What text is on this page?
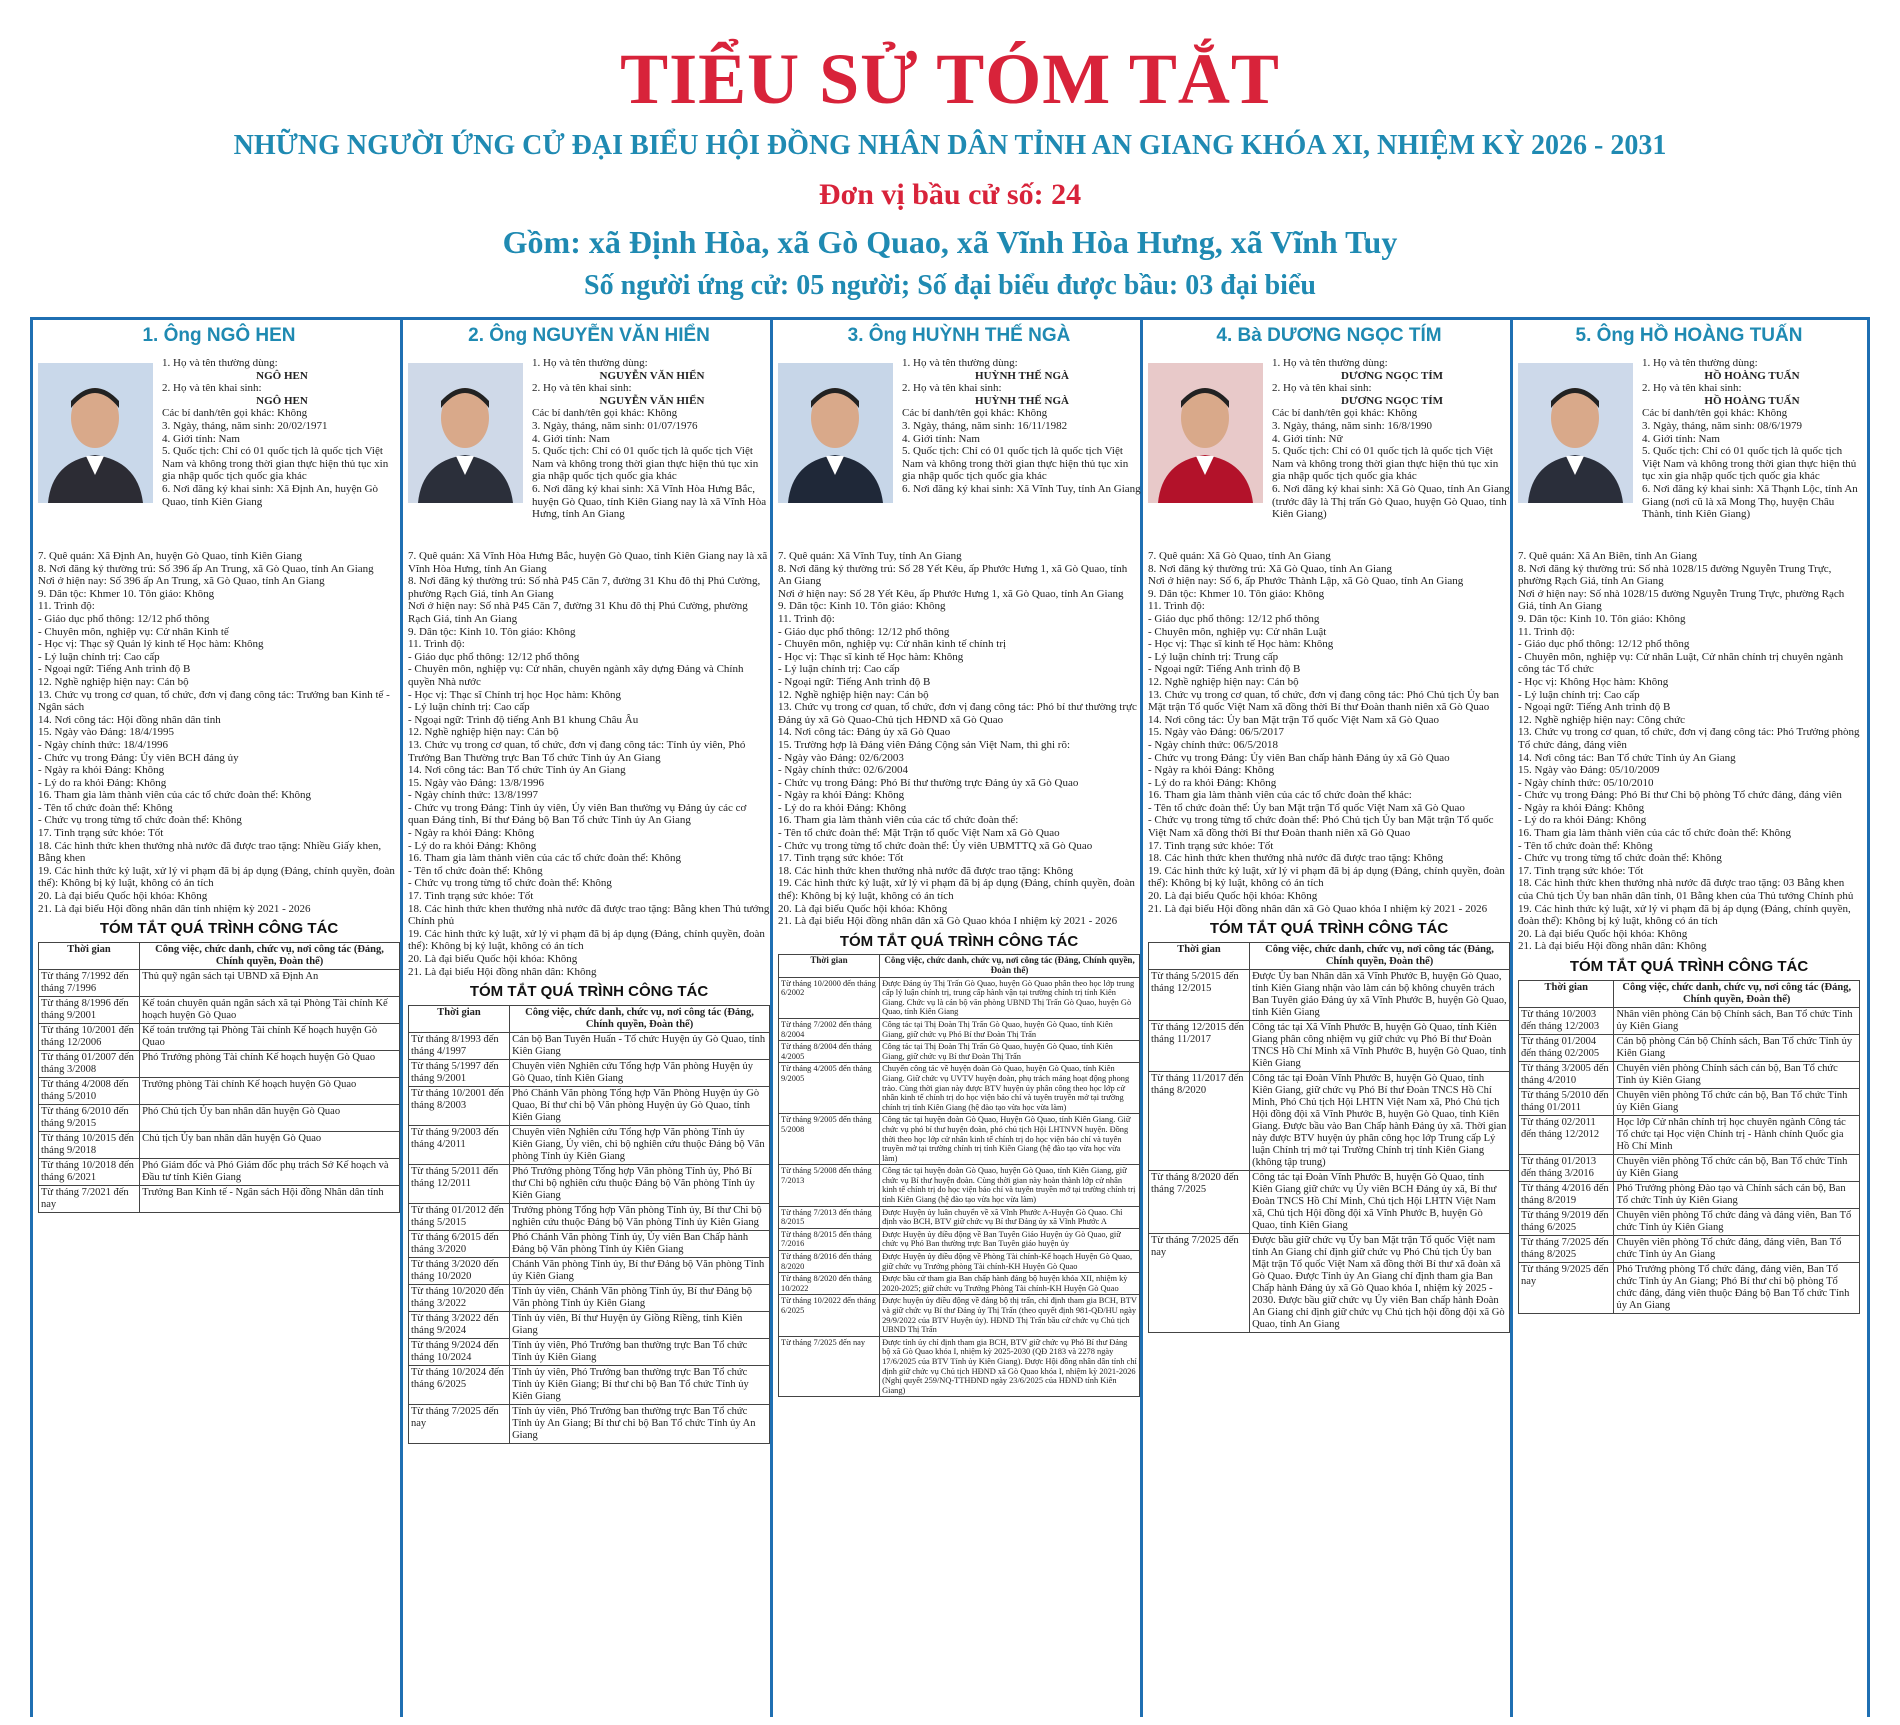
TIỂU SỬ TÓM TẮT
NHỮNG NGƯỜI ỨNG CỬ ĐẠI BIỂU HỘI ĐỒNG NHÂN DÂN TỈNH AN GIANG KHÓA XI, NHIỆM KỲ 2026 - 2031
Đơn vị bầu cử số: 24
Gồm: xã Định Hòa, xã Gò Quao, xã Vĩnh Hòa Hưng, xã Vĩnh Tuy
Số người ứng cử: 05 người; Số đại biểu được bầu: 03 đại biểu
1. Ông NGÔ HEN
1. Họ và tên thường dùng:
NGÔ HEN
2. Họ và tên khai sinh:
NGÔ HEN
Các bí danh/tên gọi khác: Không
3. Ngày, tháng, năm sinh: 20/02/1971
4. Giới tính: Nam
5. Quốc tịch: Chỉ có 01 quốc tịch là quốc tịch Việt Nam và không trong thời gian thực hiện thủ tục xin gia nhập quốc tịch quốc gia khác
6. Nơi đăng ký khai sinh: Xã Định An, huyện Gò Quao, tỉnh Kiên Giang
7. Quê quán: Xã Định An, huyện Gò Quao, tỉnh Kiên Giang
8. Nơi đăng ký thường trú: Số 396 ấp An Trung, xã Gò Quao, tỉnh An Giang
Nơi ở hiện nay: Số 396 ấp An Trung, xã Gò Quao, tỉnh An Giang
9. Dân tộc: Khmer 10. Tôn giáo: Không
11. Trình độ:
- Giáo dục phổ thông: 12/12 phổ thông
- Chuyên môn, nghiệp vụ: Cử nhân Kinh tế
- Học vị: Thạc sỹ Quản lý kinh tế Học hàm: Không
- Lý luận chính trị: Cao cấp
- Ngoại ngữ: Tiếng Anh trình độ B
12. Nghề nghiệp hiện nay: Cán bộ
13. Chức vụ trong cơ quan, tổ chức, đơn vị đang công tác: Trưởng ban Kinh tế - Ngân sách
14. Nơi công tác: Hội đồng nhân dân tỉnh
15. Ngày vào Đảng: 18/4/1995
- Ngày chính thức: 18/4/1996
- Chức vụ trong Đảng: Ủy viên BCH đảng ủy
- Ngày ra khỏi Đảng: Không
- Lý do ra khỏi Đảng: Không
16. Tham gia làm thành viên của các tổ chức đoàn thể: Không
- Tên tổ chức đoàn thể: Không
- Chức vụ trong từng tổ chức đoàn thể: Không
17. Tình trạng sức khỏe: Tốt
18. Các hình thức khen thưởng nhà nước đã được trao tặng: Nhiều Giấy khen, Bằng khen
19. Các hình thức kỷ luật, xử lý vi phạm đã bị áp dụng (Đảng, chính quyền, đoàn thể): Không bị kỷ luật, không có án tích
20. Là đại biểu Quốc hội khóa: Không
21. Là đại biểu Hội đồng nhân dân tỉnh nhiệm kỳ 2021 - 2026
TÓM TẮT QUÁ TRÌNH CÔNG TÁC
Thời gian	Công việc, chức danh, chức vụ, nơi công tác (Đảng, Chính quyền, Đoàn thể)
Từ tháng 7/1992 đến tháng 7/1996	Thủ quỹ ngân sách tại UBND xã Định An
Từ tháng 8/1996 đến tháng 9/2001	Kế toán chuyên quản ngân sách xã tại Phòng Tài chính Kế hoạch huyện Gò Quao
Từ tháng 10/2001 đến tháng 12/2006	Kế toán trưởng tại Phòng Tài chính Kế hoạch huyện Gò Quao
Từ tháng 01/2007 đến tháng 3/2008	Phó Trưởng phòng Tài chính Kế hoạch huyện Gò Quao
Từ tháng 4/2008 đến tháng 5/2010	Trưởng phòng Tài chính Kế hoạch huyện Gò Quao
Từ tháng 6/2010 đến tháng 9/2015	Phó Chủ tịch Ủy ban nhân dân huyện Gò Quao
Từ tháng 10/2015 đến tháng 9/2018	Chủ tịch Ủy ban nhân dân huyện Gò Quao
Từ tháng 10/2018 đến tháng 6/2021	Phó Giám đốc và Phó Giám đốc phụ trách Sở Kế hoạch và Đầu tư tỉnh Kiên Giang
Từ tháng 7/2021 đến nay	Trưởng Ban Kinh tế - Ngân sách Hội đồng Nhân dân tỉnh
2. Ông NGUYỄN VĂN HIỂN
1. Họ và tên thường dùng:
NGUYỄN VĂN HIỂN
2. Họ và tên khai sinh:
NGUYỄN VĂN HIỂN
Các bí danh/tên gọi khác: Không
3. Ngày, tháng, năm sinh: 01/07/1976
4. Giới tính: Nam
5. Quốc tịch: Chỉ có 01 quốc tịch là quốc tịch Việt Nam và không trong thời gian thực hiện thủ tục xin gia nhập quốc tịch quốc gia khác
6. Nơi đăng ký khai sinh: Xã Vĩnh Hòa Hưng Bắc, huyện Gò Quao, tỉnh Kiên Giang nay là xã Vĩnh Hòa Hưng, tỉnh An Giang
7. Quê quán: Xã Vĩnh Hòa Hưng Bắc, huyện Gò Quao, tỉnh Kiên Giang nay là xã Vĩnh Hòa Hưng, tỉnh An Giang
8. Nơi đăng ký thường trú: Số nhà P45 Căn 7, đường 31 Khu đô thị Phú Cường, phường Rạch Giá, tỉnh An Giang
Nơi ở hiện nay: Số nhà P45 Căn 7, đường 31 Khu đô thị Phú Cường, phường Rạch Giá, tỉnh An Giang
9. Dân tộc: Kinh 10. Tôn giáo: Không
11. Trình độ:
- Giáo dục phổ thông: 12/12 phổ thông
- Chuyên môn, nghiệp vụ: Cử nhân, chuyên ngành xây dựng Đảng và Chính quyền Nhà nước
- Học vị: Thạc sĩ Chính trị học Học hàm: Không
- Lý luận chính trị: Cao cấp
- Ngoại ngữ: Trình độ tiếng Anh B1 khung Châu Âu
12. Nghề nghiệp hiện nay: Cán bộ
13. Chức vụ trong cơ quan, tổ chức, đơn vị đang công tác: Tỉnh ủy viên, Phó Trưởng Ban Thường trực Ban Tổ chức Tỉnh ủy An Giang
14. Nơi công tác: Ban Tổ chức Tỉnh ủy An Giang
15. Ngày vào Đảng: 13/8/1996
- Ngày chính thức: 13/8/1997
- Chức vụ trong Đảng: Tỉnh ủy viên, Ủy viên Ban thường vụ Đảng ủy các cơ quan Đảng tỉnh, Bí thư Đảng bộ Ban Tổ chức Tỉnh ủy An Giang
- Ngày ra khỏi Đảng: Không
- Lý do ra khỏi Đảng: Không
16. Tham gia làm thành viên của các tổ chức đoàn thể: Không
- Tên tổ chức đoàn thể: Không
- Chức vụ trong từng tổ chức đoàn thể: Không
17. Tình trạng sức khỏe: Tốt
18. Các hình thức khen thưởng nhà nước đã được trao tặng: Bằng khen Thủ tướng Chính phủ
19. Các hình thức kỷ luật, xử lý vi phạm đã bị áp dụng (Đảng, chính quyền, đoàn thể): Không bị kỷ luật, không có án tích
20. Là đại biểu Quốc hội khóa: Không
21. Là đại biểu Hội đồng nhân dân: Không
TÓM TẮT QUÁ TRÌNH CÔNG TÁC
Thời gian	Công việc, chức danh, chức vụ, nơi công tác (Đảng, Chính quyền, Đoàn thể)
Từ tháng 8/1993 đến tháng 4/1997	Cán bộ Ban Tuyên Huấn - Tổ chức Huyện ủy Gò Quao, tỉnh Kiên Giang
Từ tháng 5/1997 đến tháng 9/2001	Chuyên viên Nghiên cứu Tổng hợp Văn phòng Huyện ủy Gò Quao, tỉnh Kiên Giang
Từ tháng 10/2001 đến tháng 8/2003	Phó Chánh Văn phòng Tổng hợp Văn Phòng Huyện ủy Gò Quao, Bí thư chi bộ Văn phòng Huyện ủy Gò Quao, tỉnh Kiên Giang
Từ tháng 9/2003 đến tháng 4/2011	Chuyên viên Nghiên cứu Tổng hợp Văn phòng Tỉnh ủy Kiên Giang, Ủy viên, chi bộ nghiên cứu thuộc Đảng bộ Văn phòng Tỉnh ủy Kiên Giang
Từ tháng 5/2011 đến tháng 12/2011	Phó Trưởng phòng Tổng hợp Văn phòng Tỉnh ủy, Phó Bí thư Chi bộ nghiên cứu thuộc Đảng bộ Văn phòng Tỉnh ủy Kiên Giang
Từ tháng 01/2012 đến tháng 5/2015	Trưởng phòng Tổng hợp Văn phòng Tỉnh ủy, Bí thư Chi bộ nghiên cứu thuộc Đảng bộ Văn phòng Tỉnh ủy Kiên Giang
Từ tháng 6/2015 đến tháng 3/2020	Phó Chánh Văn phòng Tỉnh ủy, Ủy viên Ban Chấp hành Đảng bộ Văn phòng Tỉnh ủy Kiên Giang
Từ tháng 3/2020 đến tháng 10/2020	Chánh Văn phòng Tỉnh ủy, Bí thư Đảng bộ Văn phòng Tỉnh ủy Kiên Giang
Từ tháng 10/2020 đến tháng 3/2022	Tỉnh ủy viên, Chánh Văn phòng Tỉnh ủy, Bí thư Đảng bộ Văn phòng Tỉnh ủy Kiên Giang
Từ tháng 3/2022 đến tháng 9/2024	Tỉnh ủy viên, Bí thư Huyện ủy Giồng Riềng, tỉnh Kiên Giang
Từ tháng 9/2024 đến tháng 10/2024	Tỉnh ủy viên, Phó Trưởng ban thường trực Ban Tổ chức Tỉnh ủy Kiên Giang
Từ tháng 10/2024 đến tháng 6/2025	Tỉnh ủy viên, Phó Trưởng ban thường trực Ban Tổ chức Tỉnh ủy Kiên Giang; Bí thư chi bộ Ban Tổ chức Tỉnh ủy Kiên Giang
Từ tháng 7/2025 đến nay	Tỉnh ủy viên, Phó Trưởng ban thường trực Ban Tổ chức Tỉnh ủy An Giang; Bí thư chi bộ Ban Tổ chức Tỉnh ủy An Giang
3. Ông HUỲNH THẾ NGÀ
1. Họ và tên thường dùng:
HUỲNH THẾ NGÀ
2. Họ và tên khai sinh:
HUỲNH THẾ NGÀ
Các bí danh/tên gọi khác: Không
3. Ngày, tháng, năm sinh: 16/11/1982
4. Giới tính: Nam
5. Quốc tịch: Chỉ có 01 quốc tịch là quốc tịch Việt Nam và không trong thời gian thực hiện thủ tục xin gia nhập quốc tịch quốc gia khác
6. Nơi đăng ký khai sinh: Xã Vĩnh Tuy, tỉnh An Giang
7. Quê quán: Xã Vĩnh Tuy, tỉnh An Giang
8. Nơi đăng ký thường trú: Số 28 Yết Kêu, ấp Phước Hưng 1, xã Gò Quao, tỉnh An Giang
Nơi ở hiện nay: Số 28 Yết Kêu, ấp Phước Hưng 1, xã Gò Quao, tỉnh An Giang
9. Dân tộc: Kinh 10. Tôn giáo: Không
11. Trình độ:
- Giáo dục phổ thông: 12/12 phổ thông
- Chuyên môn, nghiệp vụ: Cử nhân kinh tế chính trị
- Học vị: Thạc sĩ kinh tế Học hàm: Không
- Lý luận chính trị: Cao cấp
- Ngoại ngữ: Tiếng Anh trình độ B
12. Nghề nghiệp hiện nay: Cán bộ
13. Chức vụ trong cơ quan, tổ chức, đơn vị đang công tác: Phó bí thư thường trực Đảng ủy xã Gò Quao-Chủ tịch HĐND xã Gò Quao
14. Nơi công tác: Đảng ủy xã Gò Quao
15. Trường hợp là Đảng viên Đảng Cộng sản Việt Nam, thì ghi rõ:
- Ngày vào Đảng: 02/6/2003
- Ngày chính thức: 02/6/2004
- Chức vụ trong Đảng: Phó Bí thư thường trực Đảng ủy xã Gò Quao
- Ngày ra khỏi Đảng: Không
- Lý do ra khỏi Đảng: Không
16. Tham gia làm thành viên của các tổ chức đoàn thể:
- Tên tổ chức đoàn thể: Mặt Trận tổ quốc Việt Nam xã Gò Quao
- Chức vụ trong từng tổ chức đoàn thể: Ủy viên UBMTTQ xã Gò Quao
17. Tình trạng sức khỏe: Tốt
18. Các hình thức khen thưởng nhà nước đã được trao tặng: Không
19. Các hình thức kỷ luật, xử lý vi phạm đã bị áp dụng (Đảng, chính quyền, đoàn thể): Không bị kỷ luật, không có án tích
20. Là đại biểu Quốc hội khóa: Không
21. Là đại biểu Hội đồng nhân dân xã Gò Quao khóa I nhiệm kỳ 2021 - 2026
TÓM TẮT QUÁ TRÌNH CÔNG TÁC
Thời gian	Công việc, chức danh, chức vụ, nơi công tác (Đảng, Chính quyền, Đoàn thể)
Từ tháng 10/2000 đến tháng 6/2002	Được Đảng ủy Thị Trấn Gò Quao, huyện Gò Quao phân theo học lớp trung cấp lý luận chính trị, trung cấp hành vận tại trường chính trị tỉnh Kiên Giang. Chức vụ là cán bộ văn phòng UBND Thị Trấn Gò Quao, huyện Gò Quao, tỉnh Kiên Giang
Từ tháng 7/2002 đến tháng 8/2004	Công tác tại Thị Đoàn Thị Trấn Gò Quao, huyện Gò Quao, tỉnh Kiên Giang, giữ chức vụ Phó Bí thư Đoàn Thị Trấn
Từ tháng 8/2004 đến tháng 4/2005	Công tác tại Thị Đoàn Thị Trấn Gò Quao, huyện Gò Quao, tỉnh Kiên Giang, giữ chức vụ Bí thư Đoàn Thị Trấn
Từ tháng 4/2005 đến tháng 9/2005	Chuyển công tác về huyện đoàn Gò Quao, huyện Gò Quao, tỉnh Kiên Giang. Giữ chức vụ UVTV huyện đoàn, phụ trách mảng hoạt động phong trào. Cùng thời gian này được BTV huyện ủy phân công theo học lớp cử nhân kinh tế chính trị do học viện báo chí và tuyên truyền mở tại trường chính trị tỉnh Kiên Giang (hệ đào tạo vừa học vừa làm)
Từ tháng 9/2005 đến tháng 5/2008	Công tác tại huyện đoàn Gò Quao, Huyện Gò Quao, tỉnh Kiên Giang. Giữ chức vụ phó bí thư huyện đoàn, phó chủ tịch Hội LHTNVN huyện. Đồng thời theo học lớp cử nhân kinh tế chính trị do học viện báo chí và tuyên truyền mở tại trường chính trị tỉnh Kiên Giang (hệ đào tạo vừa học vừa làm)
Từ tháng 5/2008 đến tháng 7/2013	Công tác tại huyện đoàn Gò Quao, huyện Gò Quao, tỉnh Kiên Giang, giữ chức vụ Bí thư huyện đoàn. Cùng thời gian này hoàn thành lớp cử nhân kinh tế chính trị do học viện báo chí và tuyên truyền mở tại trường chính trị tỉnh Kiên Giang (hệ đào tạo vừa học vừa làm)
Từ tháng 7/2013 đến tháng 8/2015	Được Huyện ủy luân chuyển về xã Vĩnh Phước A-Huyện Gò Quao. Chỉ định vào BCH, BTV giữ chức vụ Bí thư Đảng ủy xã Vĩnh Phước A
Từ tháng 8/2015 đến tháng 7/2016	Được Huyện ủy điều động về Ban Tuyên Giáo Huyện ủy Gò Quao, giữ chức vụ Phó Ban thường trực Ban Tuyên giáo huyện ủy
Từ tháng 8/2016 đến tháng 8/2020	Được Huyện ủy điều động về Phòng Tài chính-Kế hoạch Huyện Gò Quao, giữ chức vụ Trưởng phòng Tài chính-KH Huyện Gò Quao
Từ tháng 8/2020 đến tháng 10/2022	Được bầu cử tham gia Ban chấp hành đảng bộ huyện khóa XII, nhiệm kỳ 2020-2025; giữ chức vụ Trưởng Phòng Tài chính-KH Huyện Gò Quao
Từ tháng 10/2022 đến tháng 6/2025	Được huyện ủy điều động về đảng bộ thị trấn, chỉ định tham gia BCH, BTV và giữ chức vụ Bí thư Đảng ủy Thị Trấn (theo quyết định 981-QĐ/HU ngày 29/9/2022 của BTV Huyện ủy). HĐND Thị Trấn bầu cử chức vụ Chủ tịch UBND Thị Trấn
Từ tháng 7/2025 đến nay	Được tỉnh ủy chỉ định tham gia BCH, BTV giữ chức vụ Phó Bí thư Đảng bộ xã Gò Quao khóa I, nhiệm kỳ 2025-2030 (QĐ 2183 và 2278 ngày 17/6/2025 của BTV Tỉnh ủy Kiên Giang). Được Hội đồng nhân dân tỉnh chỉ định giữ chức vụ Chủ tịch HĐND xã Gò Quao khóa I, nhiệm kỳ 2021-2026 (Nghị quyết 259/NQ-TTHĐND ngày 23/6/2025 của HĐND tỉnh Kiên Giang)
4. Bà DƯƠNG NGỌC TÍM
1. Họ và tên thường dùng:
DƯƠNG NGỌC TÍM
2. Họ và tên khai sinh:
DƯƠNG NGỌC TÍM
Các bí danh/tên gọi khác: Không
3. Ngày, tháng, năm sinh: 16/8/1990
4. Giới tính: Nữ
5. Quốc tịch: Chỉ có 01 quốc tịch là quốc tịch Việt Nam và không trong thời gian thực hiện thủ tục xin gia nhập quốc tịch quốc gia khác
6. Nơi đăng ký khai sinh: Xã Gò Quao, tỉnh An Giang (trước đây là Thị trấn Gò Quao, huyện Gò Quao, tỉnh Kiên Giang)
7. Quê quán: Xã Gò Quao, tỉnh An Giang
8. Nơi đăng ký thường trú: Xã Gò Quao, tỉnh An Giang
Nơi ở hiện nay: Số 6, ấp Phước Thành Lập, xã Gò Quao, tỉnh An Giang
9. Dân tộc: Khmer 10. Tôn giáo: Không
11. Trình độ:
- Giáo dục phổ thông: 12/12 phổ thông
- Chuyên môn, nghiệp vụ: Cử nhân Luật
- Học vị: Thạc sĩ kinh tế Học hàm: Không
- Lý luận chính trị: Trung cấp
- Ngoại ngữ: Tiếng Anh trình độ B
12. Nghề nghiệp hiện nay: Cán bộ
13. Chức vụ trong cơ quan, tổ chức, đơn vị đang công tác: Phó Chủ tịch Ủy ban Mặt trận Tổ quốc Việt Nam xã đồng thời Bí thư Đoàn thanh niên xã Gò Quao
14. Nơi công tác: Ủy ban Mặt trận Tổ quốc Việt Nam xã Gò Quao
15. Ngày vào Đảng: 06/5/2017
- Ngày chính thức: 06/5/2018
- Chức vụ trong Đảng: Ủy viên Ban chấp hành Đảng ủy xã Gò Quao
- Ngày ra khỏi Đảng: Không
- Lý do ra khỏi Đảng: Không
16. Tham gia làm thành viên của các tổ chức đoàn thể khác:
- Tên tổ chức đoàn thể: Ủy ban Mặt trận Tổ quốc Việt Nam xã Gò Quao
- Chức vụ trong từng tổ chức đoàn thể: Phó Chủ tịch Ủy ban Mặt trận Tổ quốc Việt Nam xã đồng thời Bí thư Đoàn thanh niên xã Gò Quao
17. Tình trạng sức khỏe: Tốt
18. Các hình thức khen thưởng nhà nước đã được trao tặng: Không
19. Các hình thức kỷ luật, xử lý vi phạm đã bị áp dụng (Đảng, chính quyền, đoàn thể): Không bị kỷ luật, không có án tích
20. Là đại biểu Quốc hội khóa: Không
21. Là đại biểu Hội đồng nhân dân xã Gò Quao khóa I nhiệm kỳ 2021 - 2026
TÓM TẮT QUÁ TRÌNH CÔNG TÁC
Thời gian	Công việc, chức danh, chức vụ, nơi công tác (Đảng, Chính quyền, Đoàn thể)
Từ tháng 5/2015 đến tháng 12/2015	Được Ủy ban Nhân dân xã Vĩnh Phước B, huyện Gò Quao, tỉnh Kiên Giang nhận vào làm cán bộ không chuyên trách Ban Tuyên giáo Đảng ủy xã Vĩnh Phước B, huyện Gò Quao, tỉnh Kiên Giang
Từ tháng 12/2015 đến tháng 11/2017	Công tác tại Xã Vĩnh Phước B, huyện Gò Quao, tỉnh Kiên Giang phân công nhiệm vụ giữ chức vụ Phó Bí thư Đoàn TNCS Hồ Chí Minh xã Vĩnh Phước B, huyện Gò Quao, tỉnh Kiên Giang
Từ tháng 11/2017 đến tháng 8/2020	Công tác tại Đoàn Vĩnh Phước B, huyện Gò Quao, tỉnh Kiên Giang, giữ chức vụ Phó Bí thư Đoàn TNCS Hồ Chí Minh, Phó Chủ tịch Hội LHTN Việt Nam xã, Phó Chủ tịch Hội đồng đội xã Vĩnh Phước B, huyện Gò Quao, tỉnh Kiên Giang. Được bầu vào Ban Chấp hành Đảng ủy xã. Thời gian này được BTV huyện ủy phân công học lớp Trung cấp Lý luận Chính trị mở tại Trường Chính trị tỉnh Kiên Giang (không tập trung)
Từ tháng 8/2020 đến tháng 7/2025	Công tác tại Đoàn Vĩnh Phước B, huyện Gò Quao, tỉnh Kiên Giang giữ chức vụ Ủy viên BCH Đảng ủy xã, Bí thư Đoàn TNCS Hồ Chí Minh, Chủ tịch Hội LHTN Việt Nam xã, Chủ tịch Hội đồng đội xã Vĩnh Phước B, huyện Gò Quao, tỉnh Kiên Giang
Từ tháng 7/2025 đến nay	Được bầu giữ chức vụ Ủy ban Mặt trận Tổ quốc Việt nam tỉnh An Giang chỉ định giữ chức vụ Phó Chủ tịch Ủy ban Mặt trận Tổ quốc Việt Nam xã đồng thời Bí thư xã đoàn xã Gò Quao. Được Tỉnh ủy An Giang chỉ định tham gia Ban Chấp hành Đảng ủy xã Gò Quao khóa I, nhiệm kỳ 2025 - 2030. Được bầu giữ chức vụ Ủy viên Ban chấp hành Đoàn An Giang chỉ định giữ chức vụ Chủ tịch hội đồng đội xã Gò Quao, tỉnh An Giang
5. Ông HỒ HOÀNG TUẤN
1. Họ và tên thường dùng:
HỒ HOÀNG TUẤN
2. Họ và tên khai sinh:
HỒ HOÀNG TUẤN
Các bí danh/tên gọi khác: Không
3. Ngày, tháng, năm sinh: 08/6/1979
4. Giới tính: Nam
5. Quốc tịch: Chỉ có 01 quốc tịch là quốc tịch Việt Nam và không trong thời gian thực hiện thủ tục xin gia nhập quốc tịch quốc gia khác
6. Nơi đăng ký khai sinh: Xã Thạnh Lộc, tỉnh An Giang (nơi cũ là xã Mong Thọ, huyện Châu Thành, tỉnh Kiên Giang)
7. Quê quán: Xã An Biên, tỉnh An Giang
8. Nơi đăng ký thường trú: Số nhà 1028/15 đường Nguyễn Trung Trực, phường Rạch Giá, tỉnh An Giang
Nơi ở hiện nay: Số nhà 1028/15 đường Nguyễn Trung Trực, phường Rạch Giá, tỉnh An Giang
9. Dân tộc: Kinh 10. Tôn giáo: Không
11. Trình độ:
- Giáo dục phổ thông: 12/12 phổ thông
- Chuyên môn, nghiệp vụ: Cử nhân Luật, Cử nhân chính trị chuyên ngành công tác Tổ chức
- Học vị: Không Học hàm: Không
- Lý luận chính trị: Cao cấp
- Ngoại ngữ: Tiếng Anh trình độ B
12. Nghề nghiệp hiện nay: Công chức
13. Chức vụ trong cơ quan, tổ chức, đơn vị đang công tác: Phó Trưởng phòng Tổ chức đảng, đảng viên
14. Nơi công tác: Ban Tổ chức Tỉnh ủy An Giang
15. Ngày vào Đảng: 05/10/2009
- Ngày chính thức: 05/10/2010
- Chức vụ trong Đảng: Phó Bí thư Chi bộ phòng Tổ chức đảng, đảng viên
- Ngày ra khỏi Đảng: Không
- Lý do ra khỏi Đảng: Không
16. Tham gia làm thành viên của các tổ chức đoàn thể: Không
- Tên tổ chức đoàn thể: Không
- Chức vụ trong từng tổ chức đoàn thể: Không
17. Tình trạng sức khỏe: Tốt
18. Các hình thức khen thưởng nhà nước đã được trao tặng: 03 Bằng khen của Chủ tịch Ủy ban nhân dân tỉnh, 01 Bằng khen của Thủ tướng Chính phủ
19. Các hình thức kỷ luật, xử lý vi phạm đã bị áp dụng (Đảng, chính quyền, đoàn thể): Không bị kỷ luật, không có án tích
20. Là đại biểu Quốc hội khóa: Không
21. Là đại biểu Hội đồng nhân dân: Không
TÓM TẮT QUÁ TRÌNH CÔNG TÁC
Thời gian	Công việc, chức danh, chức vụ, nơi công tác (Đảng, Chính quyền, Đoàn thể)
Từ tháng 10/2003 đến tháng 12/2003	Nhân viên phòng Cán bộ Chính sách, Ban Tổ chức Tỉnh ủy Kiên Giang
Từ tháng 01/2004 đến tháng 02/2005	Cán bộ phòng Cán bộ Chính sách, Ban Tổ chức Tỉnh ủy Kiên Giang
Từ tháng 3/2005 đến tháng 4/2010	Chuyên viên phòng Chính sách cán bộ, Ban Tổ chức Tỉnh ủy Kiên Giang
Từ tháng 5/2010 đến tháng 01/2011	Chuyên viên phòng Tổ chức cán bộ, Ban Tổ chức Tỉnh ủy Kiên Giang
Từ tháng 02/2011 đến tháng 12/2012	Học lớp Cử nhân chính trị học chuyên ngành Công tác Tổ chức tại Học viện Chính trị - Hành chính Quốc gia Hồ Chí Minh
Từ tháng 01/2013 đến tháng 3/2016	Chuyên viên phòng Tổ chức cán bộ, Ban Tổ chức Tỉnh ủy Kiên Giang
Từ tháng 4/2016 đến tháng 8/2019	Phó Trưởng phòng Đào tạo và Chính sách cán bộ, Ban Tổ chức Tỉnh ủy Kiên Giang
Từ tháng 9/2019 đến tháng 6/2025	Chuyên viên phòng Tổ chức đảng và đảng viên, Ban Tổ chức Tỉnh ủy Kiên Giang
Từ tháng 7/2025 đến tháng 8/2025	Chuyên viên phòng Tổ chức đảng, đảng viên, Ban Tổ chức Tỉnh ủy An Giang
Từ tháng 9/2025 đến nay	Phó Trưởng phòng Tổ chức đảng, đảng viên, Ban Tổ chức Tỉnh ủy An Giang; Phó Bí thư chi bộ phòng Tổ chức đảng, đảng viên thuộc Đảng bộ Ban Tổ chức Tỉnh ủy An Giang
